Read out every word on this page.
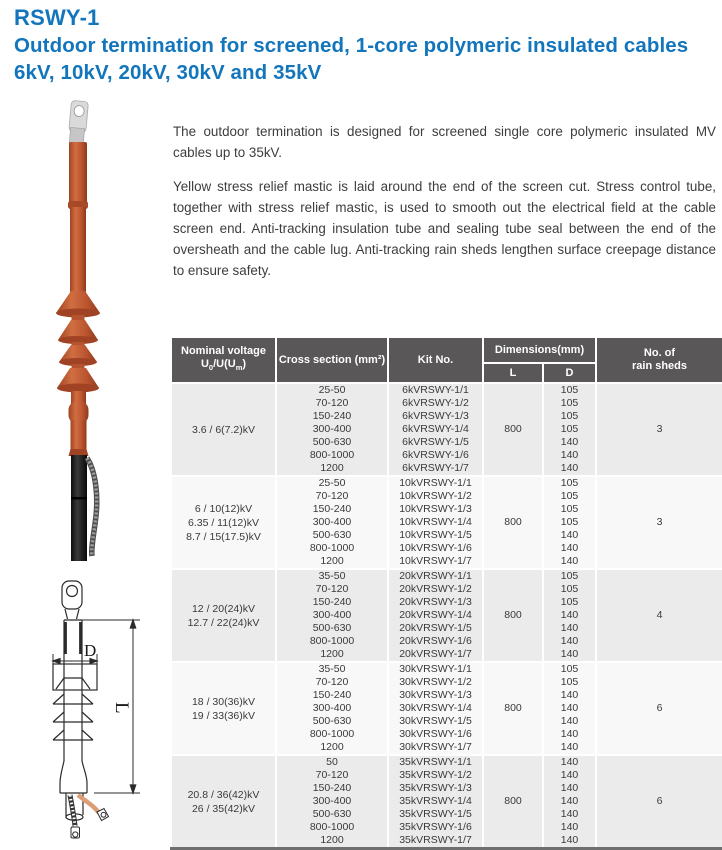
RSWY-1
Outdoor termination for screened, 1-core polymeric insulated cables
6kV, 10kV, 20kV, 30kV and 35kV

The outdoor termination is designed for screened single core polymeric insulated MV cables up to 35kV.

Yellow stress relief mastic is laid around the end of the screen cut. Stress control tube, together with stress relief mastic, is used to smooth out the electrical field at the cable screen end. Anti-tracking insulation tube and sealing tube seal between the end of the oversheath and the cable lug. Anti-tracking rain sheds lengthen surface creepage distance to ensure safety.

D
L
Nominal voltage
$U_0/U(U_m)$	Cross section (mm²)	Kit No.	Dimensions(mm)	No. of
rain sheds

			L	D	

3.6 / 6(7.2)kV	25-50	6kVRSWY-1/1	800	105	3
	70-120	6kVRSWY-1/2		105	
	150-240	6kVRSWY-1/3		105	
	300-400	6kVRSWY-1/4		105	
	500-630	6kVRSWY-1/5		140	
	800-1000	6kVRSWY-1/6		140	
	1200	6kVRSWY-1/7		140	

6 / 10(12)kV
6.35 / 11(12)kV
8.7 / 15(17.5)kV	25-50	10kVRSWY-1/1	800	105	3
	70-120	10kVRSWY-1/2		105	
	150-240	10kVRSWY-1/3		105	
	300-400	10kVRSWY-1/4		105	
	500-630	10kVRSWY-1/5		140	
	800-1000	10kVRSWY-1/6		140	
	1200	10kVRSWY-1/7		140	

12 / 20(24)kV
12.7 / 22(24)kV	35-50	20kVRSWY-1/1	800	105	4
	70-120	20kVRSWY-1/2		105	
	150-240	20kVRSWY-1/3		105	
	300-400	20kVRSWY-1/4		140	
	500-630	20kVRSWY-1/5		140	
	800-1000	20kVRSWY-1/6		140	
	1200	20kVRSWY-1/7		140	

18 / 30(36)kV
19 / 33(36)kV	35-50	30kVRSWY-1/1	800	105	6
	70-120	30kVRSWY-1/2		105	
	150-240	30kVRSWY-1/3		140	
	300-400	30kVRSWY-1/4		140	
	500-630	30kVRSWY-1/5		140	
	800-1000	30kVRSWY-1/6		140	
	1200	30kVRSWY-1/7		140	

20.8 / 36(42)kV
26 / 35(42)kV	50	35kVRSWY-1/1	800	140	6
	70-120	35kVRSWY-1/2		140	
	150-240	35kVRSWY-1/3		140	
	300-400	35kVRSWY-1/4		140	
	500-630	35kVRSWY-1/5		140	
	800-1000	35kVRSWY-1/6		140	
	1200	35kVRSWY-1/7		140	
